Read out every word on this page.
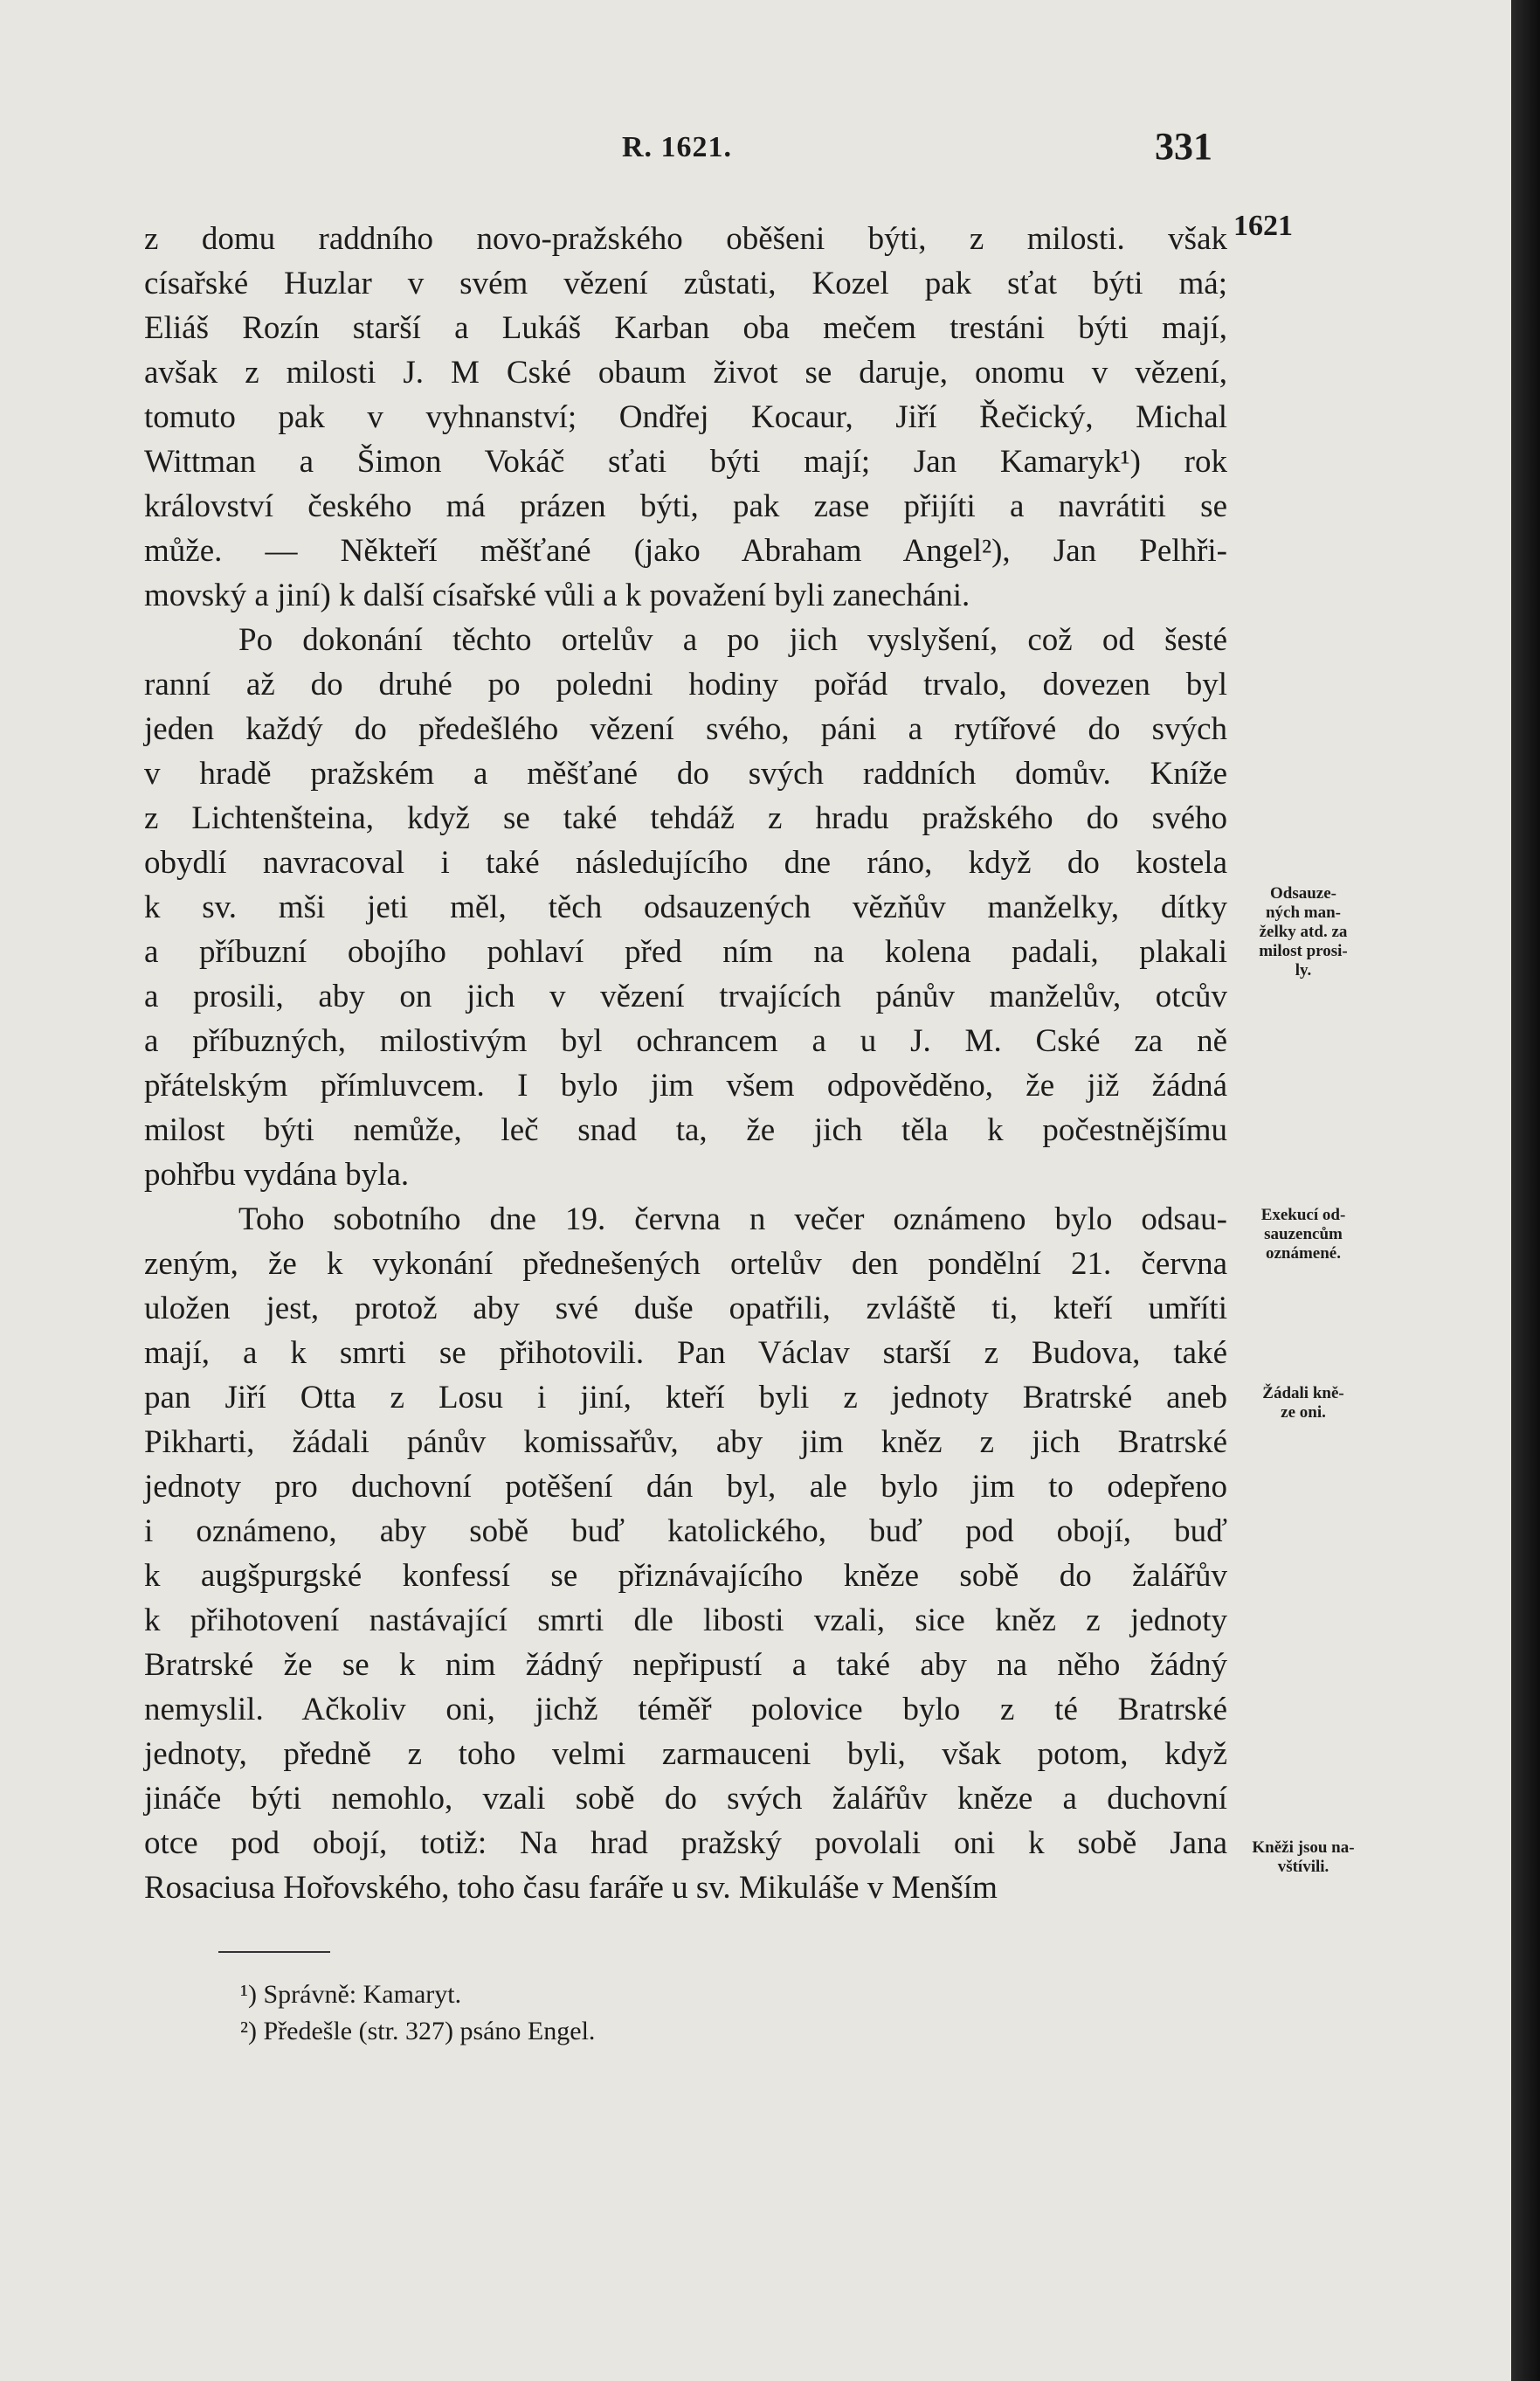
R. 1621.	331
z domu raddního novo-pražského oběšeni býti, z milosti. však
císařské Huzlar v svém vězení zůstati, Kozel pak sťat býti má;
Eliáš Rozín starší a Lukáš Karban oba mečem trestáni býti mají,
avšak z milosti J. M Cské obaum život se daruje, onomu v vězení,
tomuto pak v vyhnanství; Ondřej Kocaur, Jiří Řečický, Michal
Wittman a Šimon Vokáč sťati býti mají; Jan Kamaryk¹) rok
království českého má prázen býti, pak zase přijíti a navrátiti se
může. — Někteří měšťané (jako Abraham Angel²), Jan Pelhři-
movský a jiní) k další císařské vůli a k považení byli zanecháni.
Po dokonání těchto ortelův a po jich vyslyšení, což od šesté
ranní až do druhé po poledni hodiny pořád trvalo, dovezen byl
jeden každý do předešlého vězení svého, páni a rytířové do svých
v hradě pražském a měšťané do svých raddních domův. Kníže
z Lichtenšteina, když se také tehdáž z hradu pražského do svého
obydlí navracoval i také následujícího dne ráno, když do kostela
k sv. mši jeti měl, těch odsauzených vězňův manželky, dítky
a příbuzní obojího pohlaví před ním na kolena padali, plakali
a prosili, aby on jich v vězení trvajících pánův manželův, otcův
a příbuzných, milostivým byl ochrancem a u J. M. Cské za ně
přátelským přímluvcem. I bylo jim všem odpověděno, že již žádná
milost býti nemůže, leč snad ta, že jich těla k počestnějšímu
pohřbu vydána byla.
Toho sobotního dne 19. června n večer oznámeno bylo odsau-
zeným, že k vykonání přednešených ortelův den pondělní 21. června
uložen jest, protož aby své duše opatřili, zvláště ti, kteří umříti
mají, a k smrti se přihotovili. Pan Václav starší z Budova, také
pan Jiří Otta z Losu i jiní, kteří byli z jednoty Bratrské aneb
Pikharti, žádali pánův komissařův, aby jim kněz z jich Bratrské
jednoty pro duchovní potěšení dán byl, ale bylo jim to odepřeno
i oznámeno, aby sobě buď katolického, buď pod obojí, buď
k augšpurgské konfessí se přiznávajícího kněze sobě do žalářův
k přihotovení nastávající smrti dle libosti vzali, sice kněz z jednoty
Bratrské že se k nim žádný nepřipustí a také aby na něho žádný
nemyslil. Ačkoliv oni, jichž téměř polovice bylo z té Bratrské
jednoty, předně z toho velmi zarmauceni byli, však potom, když
jináče býti nemohlo, vzali sobě do svých žalářův kněze a duchovní
otce pod obojí, totiž: Na hrad pražský povolali oni k sobě Jana
Rosaciusa Hořovského, toho času faráře u sv. Mikuláše v Menším
1621
Odsauze-
ných man-
želky atd. za
milost prosi-
ly.
Exekucí od-
sauzencům
oznámené.
Žádali kně-
ze oni.
Kněži jsou na-
vštívili.
¹) Správně: Kamaryt.
²) Předešle (str. 327) psáno Engel.
